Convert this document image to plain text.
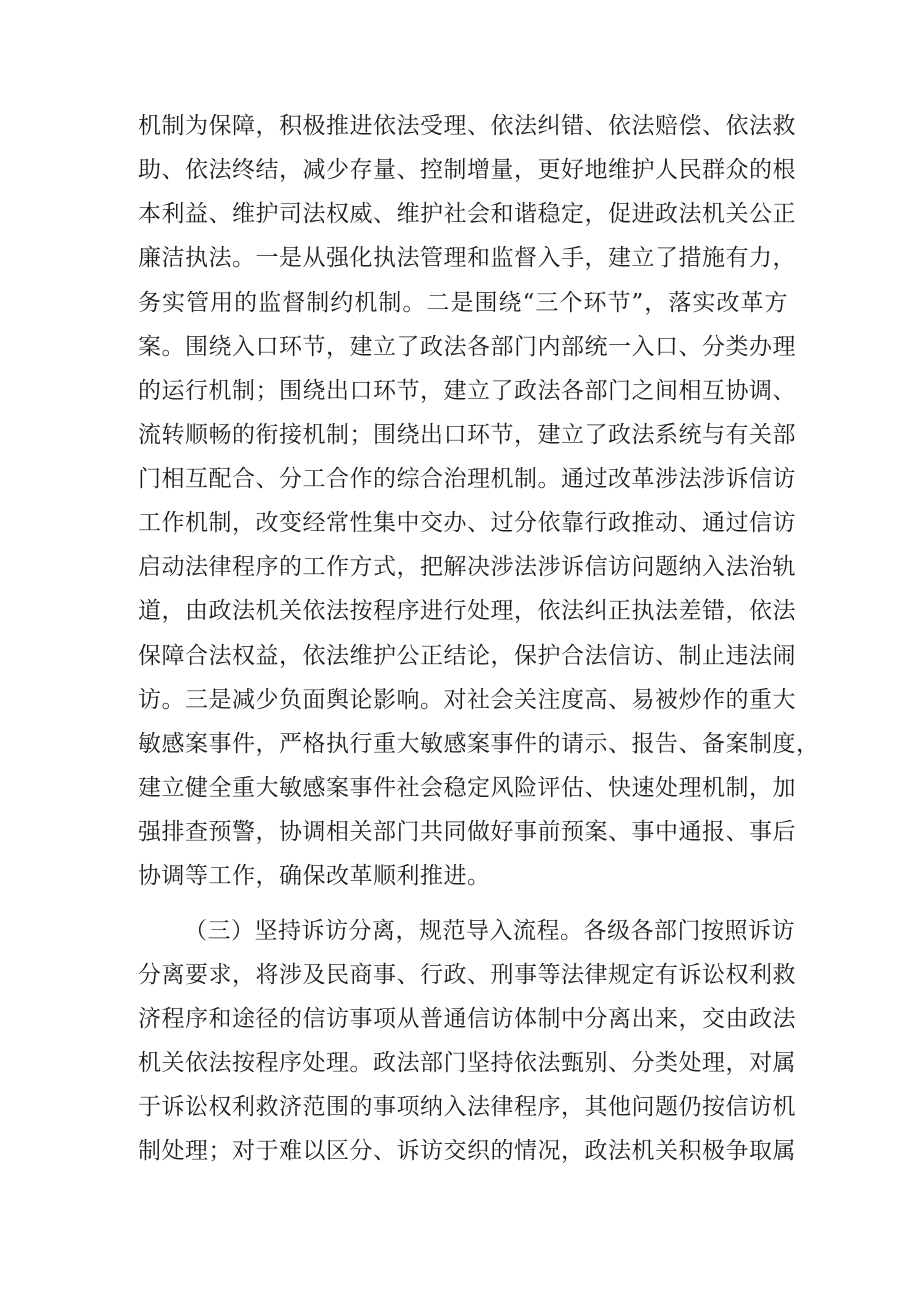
机制为保障，积极推进依法受理、依法纠错、依法赔偿、依法救
助、依法终结，减少存量、控制增量，更好地维护人民群众的根
本利益、维护司法权威、维护社会和谐稳定，促进政法机关公正
廉洁执法。一是从强化执法管理和监督入手，建立了措施有力，
务实管用的监督制约机制。二是围绕“三个环节”，落实改革方
案。围绕入口环节，建立了政法各部门内部统一入口、分类办理
的运行机制；围绕出口环节，建立了政法各部门之间相互协调、
流转顺畅的衔接机制；围绕出口环节，建立了政法系统与有关部
门相互配合、分工合作的综合治理机制。通过改革涉法涉诉信访
工作机制，改变经常性集中交办、过分依靠行政推动、通过信访
启动法律程序的工作方式，把解决涉法涉诉信访问题纳入法治轨
道，由政法机关依法按程序进行处理，依法纠正执法差错，依法
保障合法权益，依法维护公正结论，保护合法信访、制止违法闹
访。三是减少负面舆论影响。对社会关注度高、易被炒作的重大
敏感案事件，严格执行重大敏感案事件的请示、报告、备案制度，
建立健全重大敏感案事件社会稳定风险评估、快速处理机制，加
强排查预警，协调相关部门共同做好事前预案、事中通报、事后
协调等工作，确保改革顺利推进。
（三）坚持诉访分离，规范导入流程。各级各部门按照诉访
分离要求，将涉及民商事、行政、刑事等法律规定有诉讼权利救
济程序和途径的信访事项从普通信访体制中分离出来，交由政法
机关依法按程序处理。政法部门坚持依法甄别、分类处理，对属
于诉讼权利救济范围的事项纳入法律程序，其他问题仍按信访机
制处理；对于难以区分、诉访交织的情况，政法机关积极争取属
